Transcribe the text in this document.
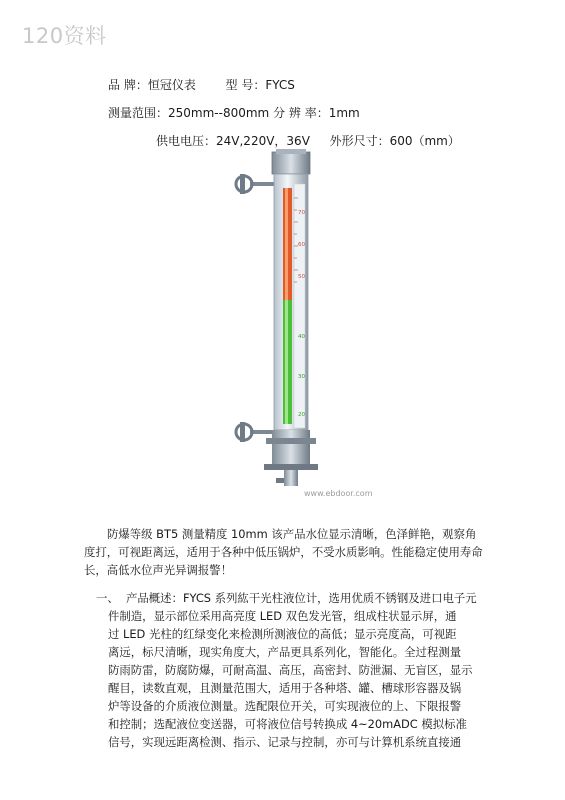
120资料
品 牌：恒冠仪表 型 号：FYCS
测量范围：250mm--800mm 分 辨 率：1mm
供电电压：24V,220V，36V 外形尺寸：600（mm）
70
60
50
40
30
20
www.ebdoor.com
防爆等级 BT5 测量精度 10mm 该产品水位显示清晰，色泽鲜艳，观察角
度打，可视距离远，适用于各种中低压锅炉，不受水质影响。性能稳定使用寿命
长，高低水位声光异调报警！
一、 产品概述：FYCS 系列紘干光柱液位计，选用优质不锈钢及进口电子元
件制造，显示部位采用高亮度 LED 双色发光管，组成柱状显示屏，通
过 LED 光柱的红绿变化来检测所测液位的高低；显示亮度高，可视距
离远，标尺清晰，现实角度大，产品更具系列化，智能化。全过程测量
防雨防雷，防腐防爆，可耐高温、高压，高密封、防泄漏、无盲区，显示
醒目，读数直观，且测量范围大，适用于各种塔、罐、槽球形容器及锅
炉等设备的介质液位测量。选配限位开关，可实现液位的上、下限报警
和控制；选配液位变送器，可将液位信号转换成 4~20mADC 模拟标准
信号，实现远距离检测、指示、记录与控制，亦可与计算机系统直接通
